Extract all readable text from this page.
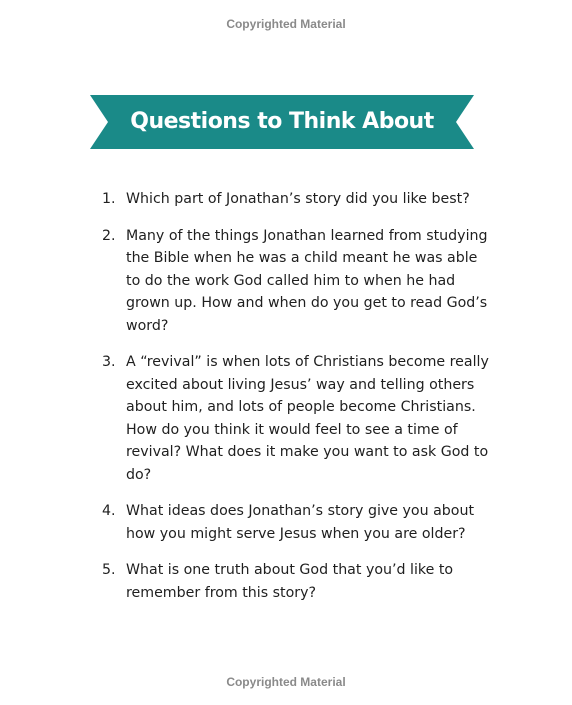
Copyrighted Material
Questions to Think About
1. Which part of Jonathan’s story did you like best?
2. Many of the things Jonathan learned from studying the Bible when he was a child meant he was able to do the work God called him to when he had grown up. How and when do you get to read God’s word?
3. A “revival” is when lots of Christians become really excited about living Jesus’ way and telling others about him, and lots of people become Christians. How do you think it would feel to see a time of revival? What does it make you want to ask God to do?
4. What ideas does Jonathan’s story give you about how you might serve Jesus when you are older?
5. What is one truth about God that you’d like to remember from this story?
Copyrighted Material
